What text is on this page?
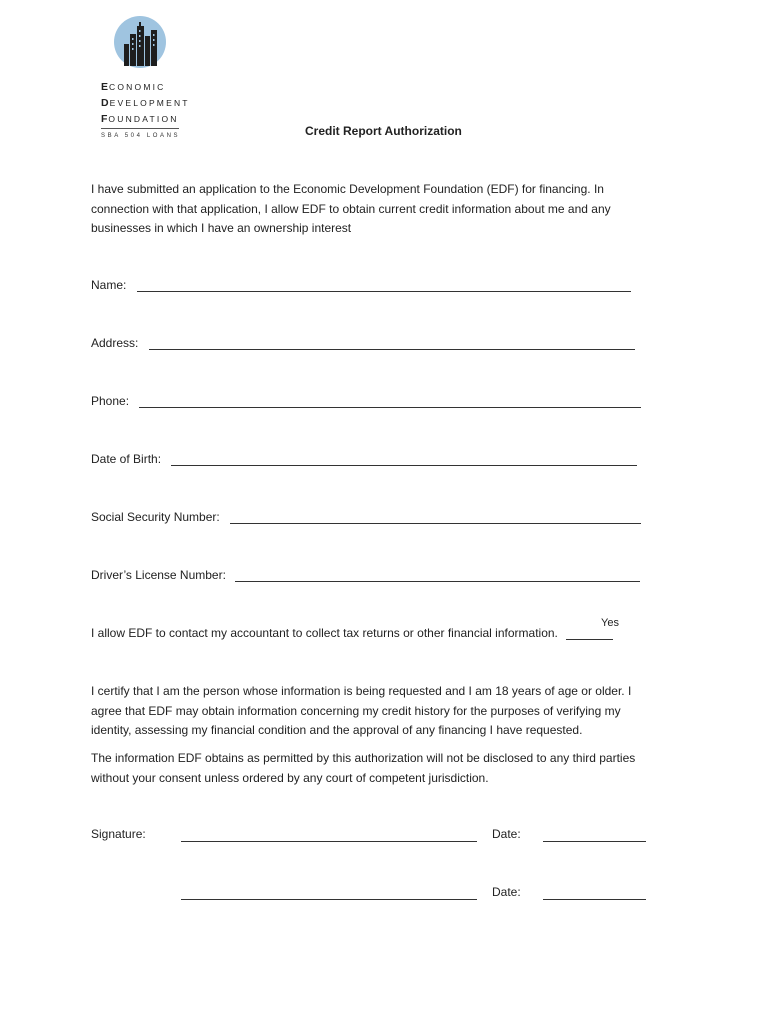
ECONOMIC
DEVELOPMENT
FOUNDATION
SBA 504 LOANS	Credit Report Authorization
I have submitted an application to the Economic Development Foundation (EDF) for financing. In
connection with that application, I allow EDF to obtain current credit information about me and any
businesses in which I have an ownership interest
Name:
Address:
Phone:
Date of Birth:
Social Security Number:
Driver’s License Number:
Yes
I allow EDF to contact my accountant to collect tax returns or other financial information.
I certify that I am the person whose information is being requested and I am 18 years of age or older. I
agree that EDF may obtain information concerning my credit history for the purposes of verifying my
identity, assessing my financial condition and the approval of any financing I have requested.
The information EDF obtains as permitted by this authorization will not be disclosed to any third parties
without your consent unless ordered by any court of competent jurisdiction.
Signature:	Date:
Date:
